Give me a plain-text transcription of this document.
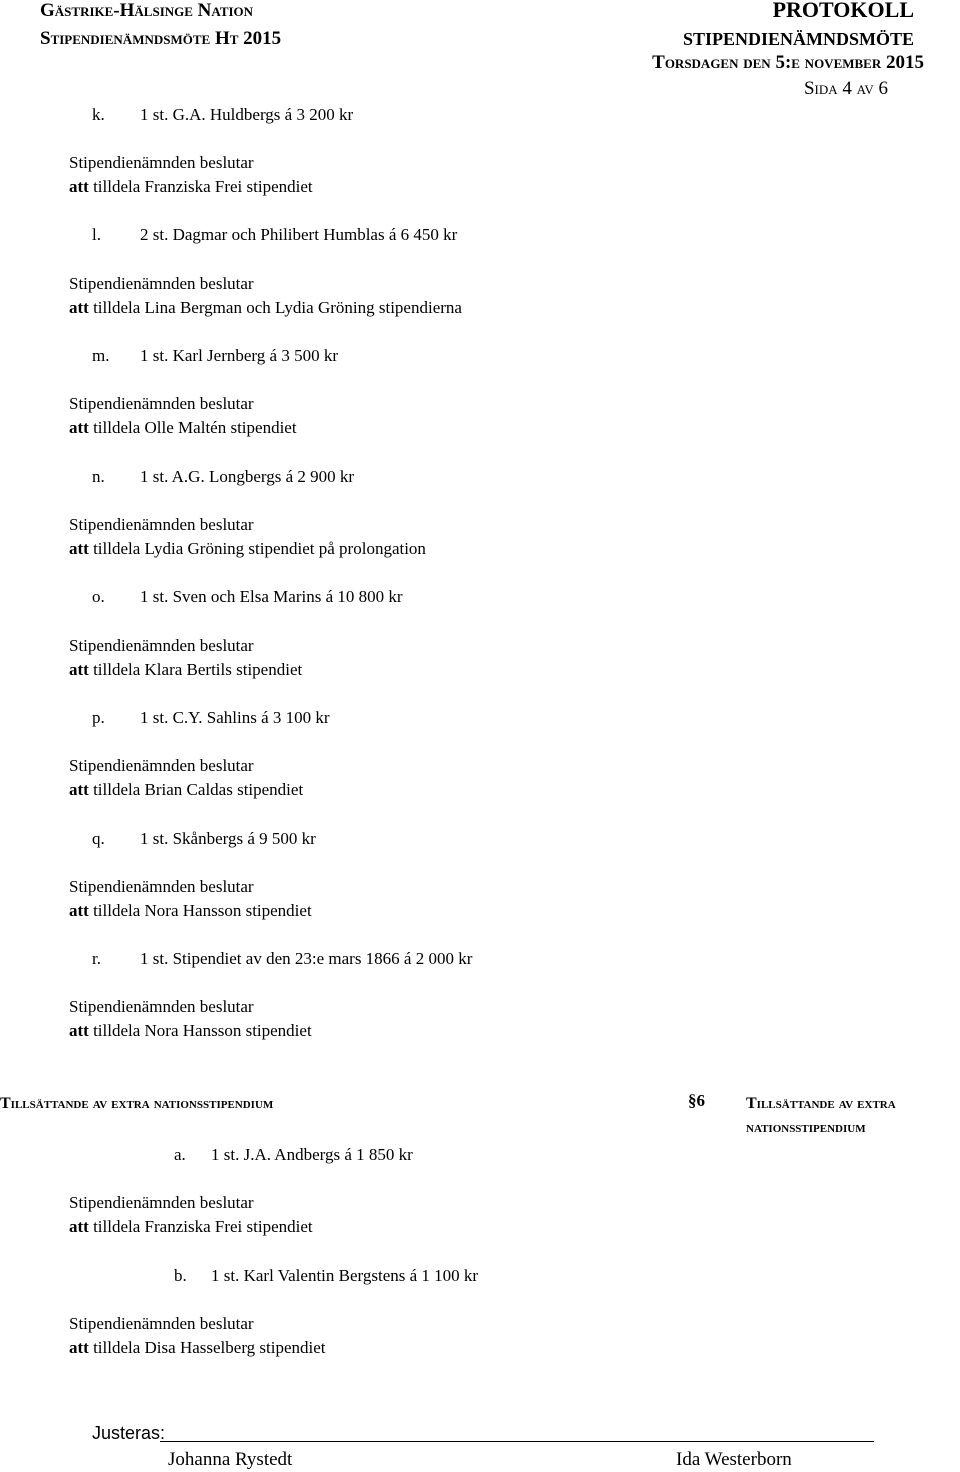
Gästrike-Hälsinge Nation
Stipendienämndsmöte Ht 2015
PROTOKOLL
STIPENDIENÄMNDSMÖTE
Torsdagen den 5:e november 2015
Sida 4 av 6
k. 1 st. G.A. Huldbergs á 3 200 kr
Stipendienämnden beslutar
att tilldela Franziska Frei stipendiet
l. 2 st. Dagmar och Philibert Humblas á 6 450 kr
Stipendienämnden beslutar
att tilldela Lina Bergman och Lydia Gröning stipendierna
m. 1 st. Karl Jernberg á 3 500 kr
Stipendienämnden beslutar
att tilldela Olle Maltén stipendiet
n. 1 st. A.G. Longbergs á 2 900 kr
Stipendienämnden beslutar
att tilldela Lydia Gröning stipendiet på prolongation
o. 1 st. Sven och Elsa Marins á 10 800 kr
Stipendienämnden beslutar
att tilldela Klara Bertils stipendiet
p. 1 st. C.Y. Sahlins á 3 100 kr
Stipendienämnden beslutar
att tilldela Brian Caldas stipendiet
q. 1 st. Skånbergs á 9 500 kr
Stipendienämnden beslutar
att tilldela Nora Hansson stipendiet
r. 1 st. Stipendiet av den 23:e mars 1866 á 2 000 kr
Stipendienämnden beslutar
att tilldela Nora Hansson stipendiet
Tillsättande av extra nationsstipendium	§6	Tillsättande av extra
nationsstipendium
a. 1 st. J.A. Andbergs á 1 850 kr
Stipendienämnden beslutar
att tilldela Franziska Frei stipendiet
b. 1 st. Karl Valentin Bergstens á 1 100 kr
Stipendienämnden beslutar
att tilldela Disa Hasselberg stipendiet
Justeras:
Johanna Rystedt	Ida Westerborn
